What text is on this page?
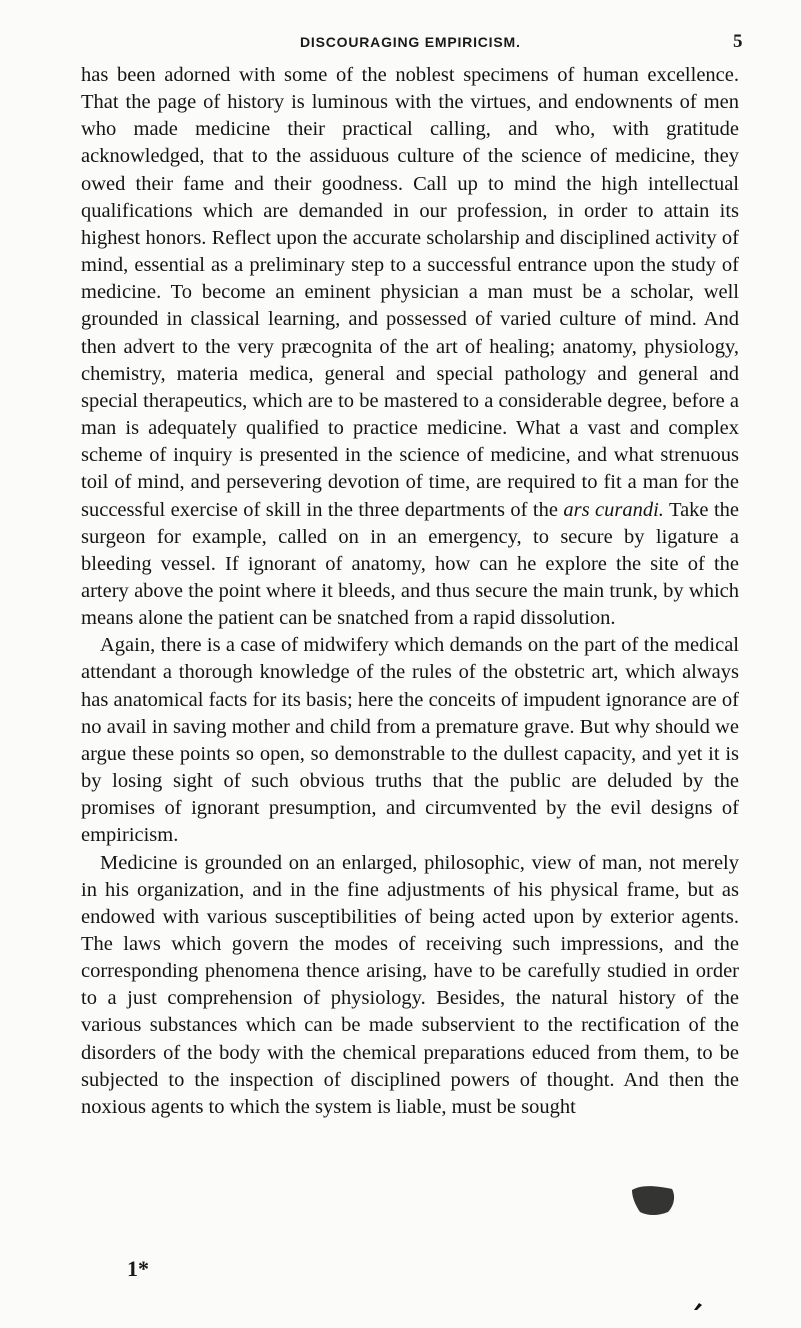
DISCOURAGING EMPIRICISM.	5

has been adorned with some of the noblest specimens of human excellence. That the page of history is luminous with the virtues, and endownents of men who made medicine their practical calling, and who, with gratitude acknowledged, that to the assiduous culture of the science of medicine, they owed their fame and their goodness. Call up to mind the high intellectual qualifications which are demanded in our profession, in order to attain its highest honors. Reflect upon the accurate scholarship and disciplined activity of mind, essential as a preliminary step to a successful entrance upon the study of medicine. To become an eminent physician a man must be a scholar, well grounded in classical learning, and possessed of varied culture of mind. And then advert to the very præcognita of the art of healing; anatomy, physiology, chemistry, materia medica, general and special pathology and general and special therapeutics, which are to be mastered to a considerable degree, before a man is adequately qualified to practice medicine. What a vast and complex scheme of inquiry is presented in the science of medicine, and what strenuous toil of mind, and persevering devotion of time, are required to fit a man for the successful exercise of skill in the three departments of the ars curandi. Take the surgeon for example, called on in an emergency, to secure by ligature a bleeding vessel. If ignorant of anatomy, how can he explore the site of the artery above the point where it bleeds, and thus secure the main trunk, by which means alone the patient can be snatched from a rapid dissolution.

Again, there is a case of midwifery which demands on the part of the medical attendant a thorough knowledge of the rules of the obstetric art, which always has anatomical facts for its basis; here the conceits of impudent ignorance are of no avail in saving mother and child from a premature grave. But why should we argue these points so open, so demonstrable to the dullest capacity, and yet it is by losing sight of such obvious truths that the public are deluded by the promises of ignorant presumption, and circumvented by the evil designs of empiricism.

Medicine is grounded on an enlarged, philosophic, view of man, not merely in his organization, and in the fine adjustments of his physical frame, but as endowed with various susceptibilities of being acted upon by exterior agents. The laws which govern the modes of receiving such impressions, and the corresponding phenomena thence arising, have to be carefully studied in order to a just comprehension of physiology. Besides, the natural history of the various substances which can be made subservient to the rectification of the disorders of the body with the chemical preparations educed from them, to be subjected to the inspection of disciplined powers of thought. And then the noxious agents to which the system is liable, must be sought

1*
